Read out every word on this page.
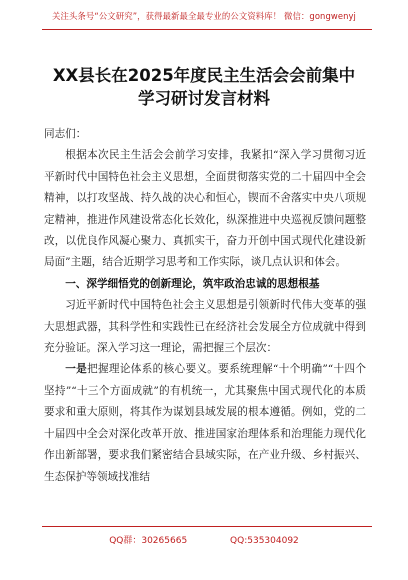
关注头条号“公文研究”，获得最新最全最专业的公文资料库！ 微信：gongwenyj
XX县长在2025年度民主生活会会前集中
学习研讨发言材料
同志们：

根据本次民主生活会会前学习安排，我紧扣“深入学习贯彻习近平新时代中国特色社会主义思想，全面贯彻落实党的二十届四中全会精神，以打攻坚战、持久战的决心和恒心，锲而不舍落实中央八项规定精神，推进作风建设常态化长效化，纵深推进中央巡视反馈问题整改，以优良作风凝心聚力、真抓实干，奋力开创中国式现代化建设新局面”主题，结合近期学习思考和工作实际，谈几点认识和体会。

一、深学细悟党的创新理论，筑牢政治忠诚的思想根基

习近平新时代中国特色社会主义思想是引领新时代伟大变革的强大思想武器，其科学性和实践性已在经济社会发展全方位成就中得到充分验证。深入学习这一理论，需把握三个层次：

一是把握理论体系的核心要义。要系统理解“十个明确”“十四个坚持”“十三个方面成就”的有机统一，尤其聚焦中国式现代化的本质要求和重大原则，将其作为谋划县域发展的根本遵循。例如，党的二十届四中全会对深化改革开放、推进国家治理体系和治理能力现代化作出新部署，要求我们紧密结合县域实际，在产业升级、乡村振兴、生态保护等领域找准结

QQ群：30265665	QQ:535304092
